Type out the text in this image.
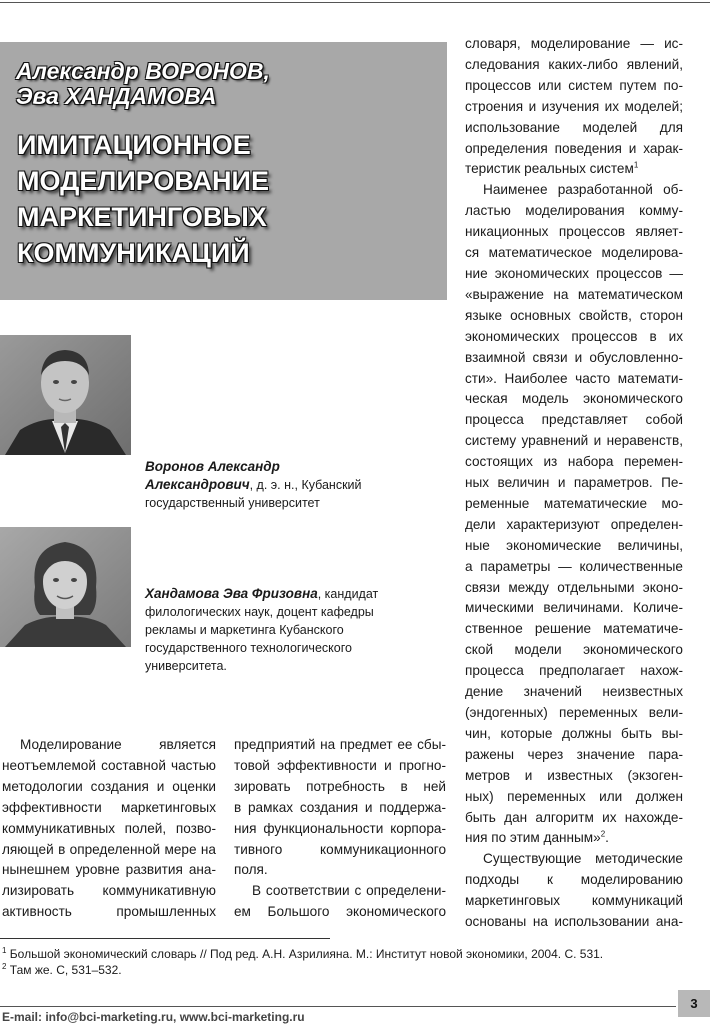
Александр ВОРОНОВ,
Эва ХАНДАМОВА
ИМИТАЦИОННОЕ
МОДЕЛИРОВАНИЕ
МАРКЕТИНГОВЫХ
КОММУНИКАЦИЙ
Воронов Александр
Александрович, д. э. н., Кубанский
государственный университет
Хандамова Эва Фризовна, кандидат
филологических наук, доцент кафедры
рекламы и маркетинга Кубанского
государственного технологического
университета.
Моделирование является
неотъемлемой составной частью
методологии создания и оценки
эффективности маркетинговых
коммуникативных полей, позво-
ляющей в определенной мере на
нынешнем уровне развития ана-
лизировать коммуникативную
активность промышленных
предприятий на предмет ее сбы-
товой эффективности и прогно-
зировать потребность в ней
в рамках создания и поддержа-
ния функциональности корпора-
тивного коммуникационного
поля.
В соответствии с определени-
ем Большого экономического
словаря, моделирование — ис-
следования каких-либо явлений,
процессов или систем путем по-
строения и изучения их моделей;
использование моделей для
определения поведения и харак-
теристик реальных систем$^1$
Наименее разработанной об-
ластью моделирования комму-
никационных процессов являет-
ся математическое моделирова-
ние экономических процессов —
«выражение на математическом
языке основных свойств, сторон
экономических процессов в их
взаимной связи и обусловленно-
сти». Наиболее часто математи-
ческая модель экономического
процесса представляет собой
систему уравнений и неравенств,
состоящих из набора перемен-
ных величин и параметров. Пе-
ременные математические мо-
дели характеризуют определен-
ные экономические величины,
а параметры — количественные
связи между отдельными эконо-
мическими величинами. Количе-
ственное решение математиче-
ской модели экономического
процесса предполагает нахож-
дение значений неизвестных
(эндогенных) переменных вели-
чин, которые должны быть вы-
ражены через значение пара-
метров и известных (экзоген-
ных) переменных или должен
быть дан алгоритм их нахожде-
ния по этим данным»$^2$.
Существующие методические
подходы к моделированию
маркетинговых коммуникаций
основаны на использовании ана-
$^1$ Большой экономический словарь // Под ред. А.Н. Азрилияна. М.: Институт новой экономики, 2004. С. 531.
$^2$ Там же. С, 531–532.
E-mail: info@bci-marketing.ru, www.bci-marketing.ru
3
